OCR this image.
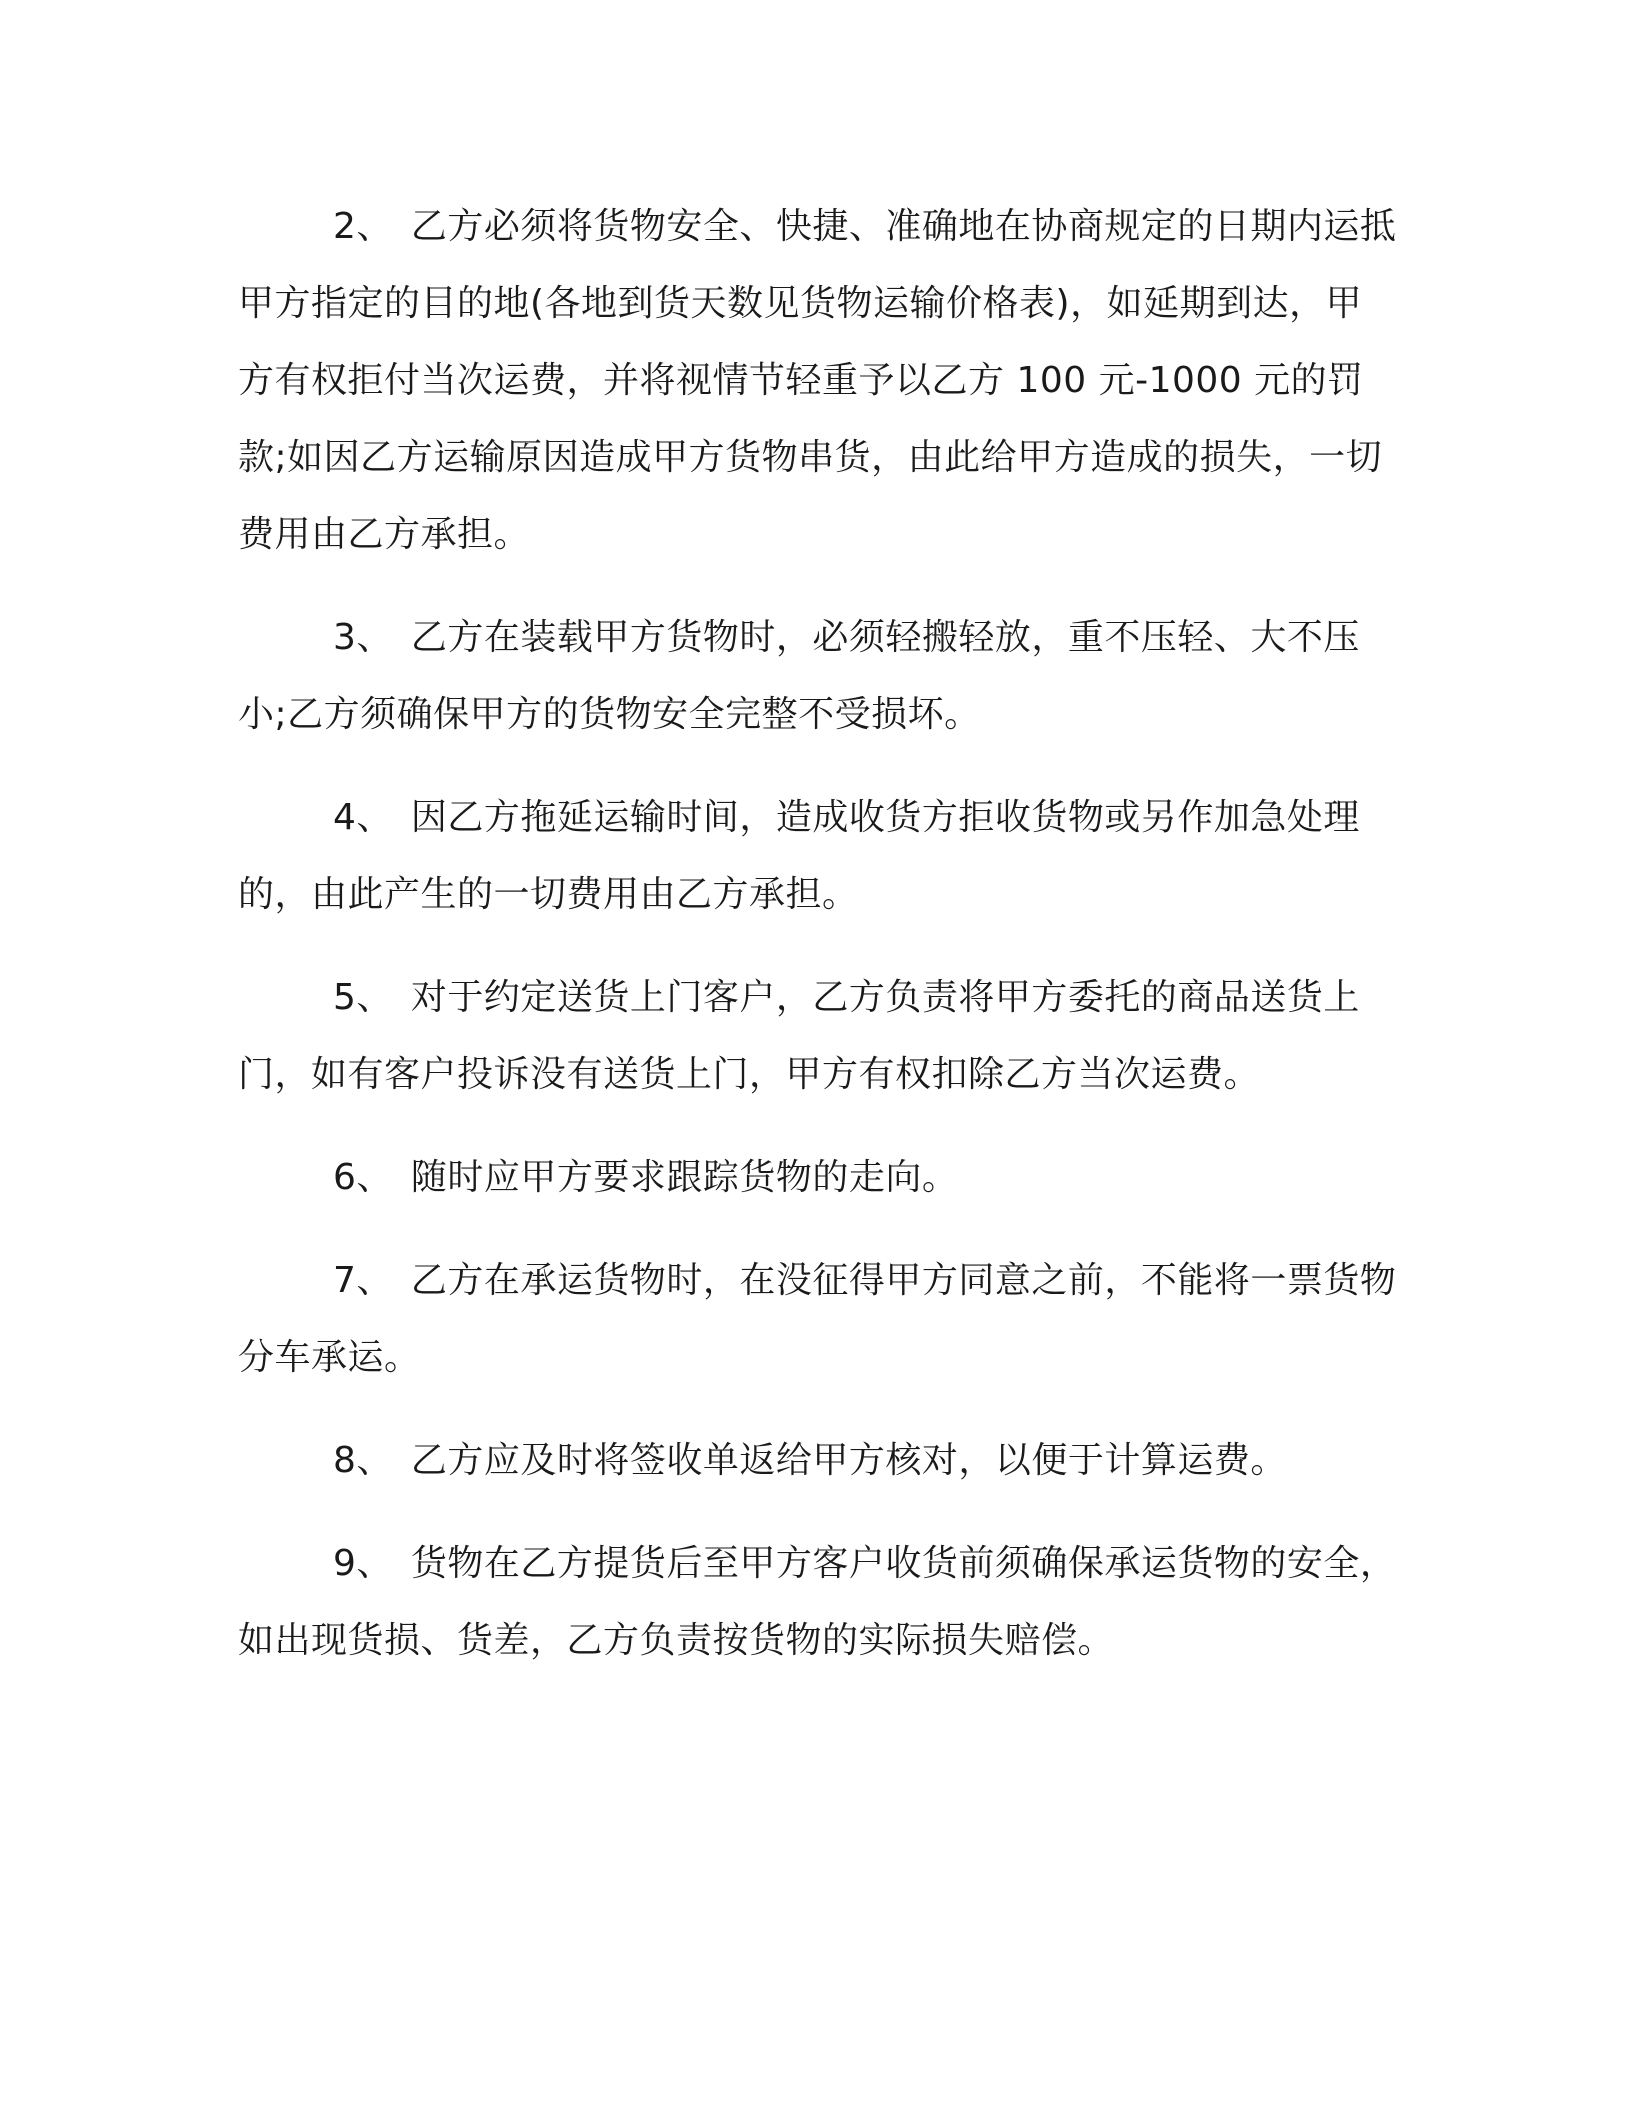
2、 乙方必须将货物安全、快捷、准确地在协商规定的日期内运抵甲方指定的目的地(各地到货天数见货物运输价格表)，如延期到达，甲方有权拒付当次运费，并将视情节轻重予以乙方 100 元-1000 元的罚款;如因乙方运输原因造成甲方货物串货，由此给甲方造成的损失，一切费用由乙方承担。

3、 乙方在装载甲方货物时，必须轻搬轻放，重不压轻、大不压小;乙方须确保甲方的货物安全完整不受损坏。

4、 因乙方拖延运输时间，造成收货方拒收货物或另作加急处理的，由此产生的一切费用由乙方承担。

5、 对于约定送货上门客户，乙方负责将甲方委托的商品送货上门，如有客户投诉没有送货上门，甲方有权扣除乙方当次运费。

6、 随时应甲方要求跟踪货物的走向。

7、 乙方在承运货物时，在没征得甲方同意之前，不能将一票货物分车承运。

8、 乙方应及时将签收单返给甲方核对，以便于计算运费。

9、 货物在乙方提货后至甲方客户收货前须确保承运货物的安全，如出现货损、货差，乙方负责按货物的实际损失赔偿。
